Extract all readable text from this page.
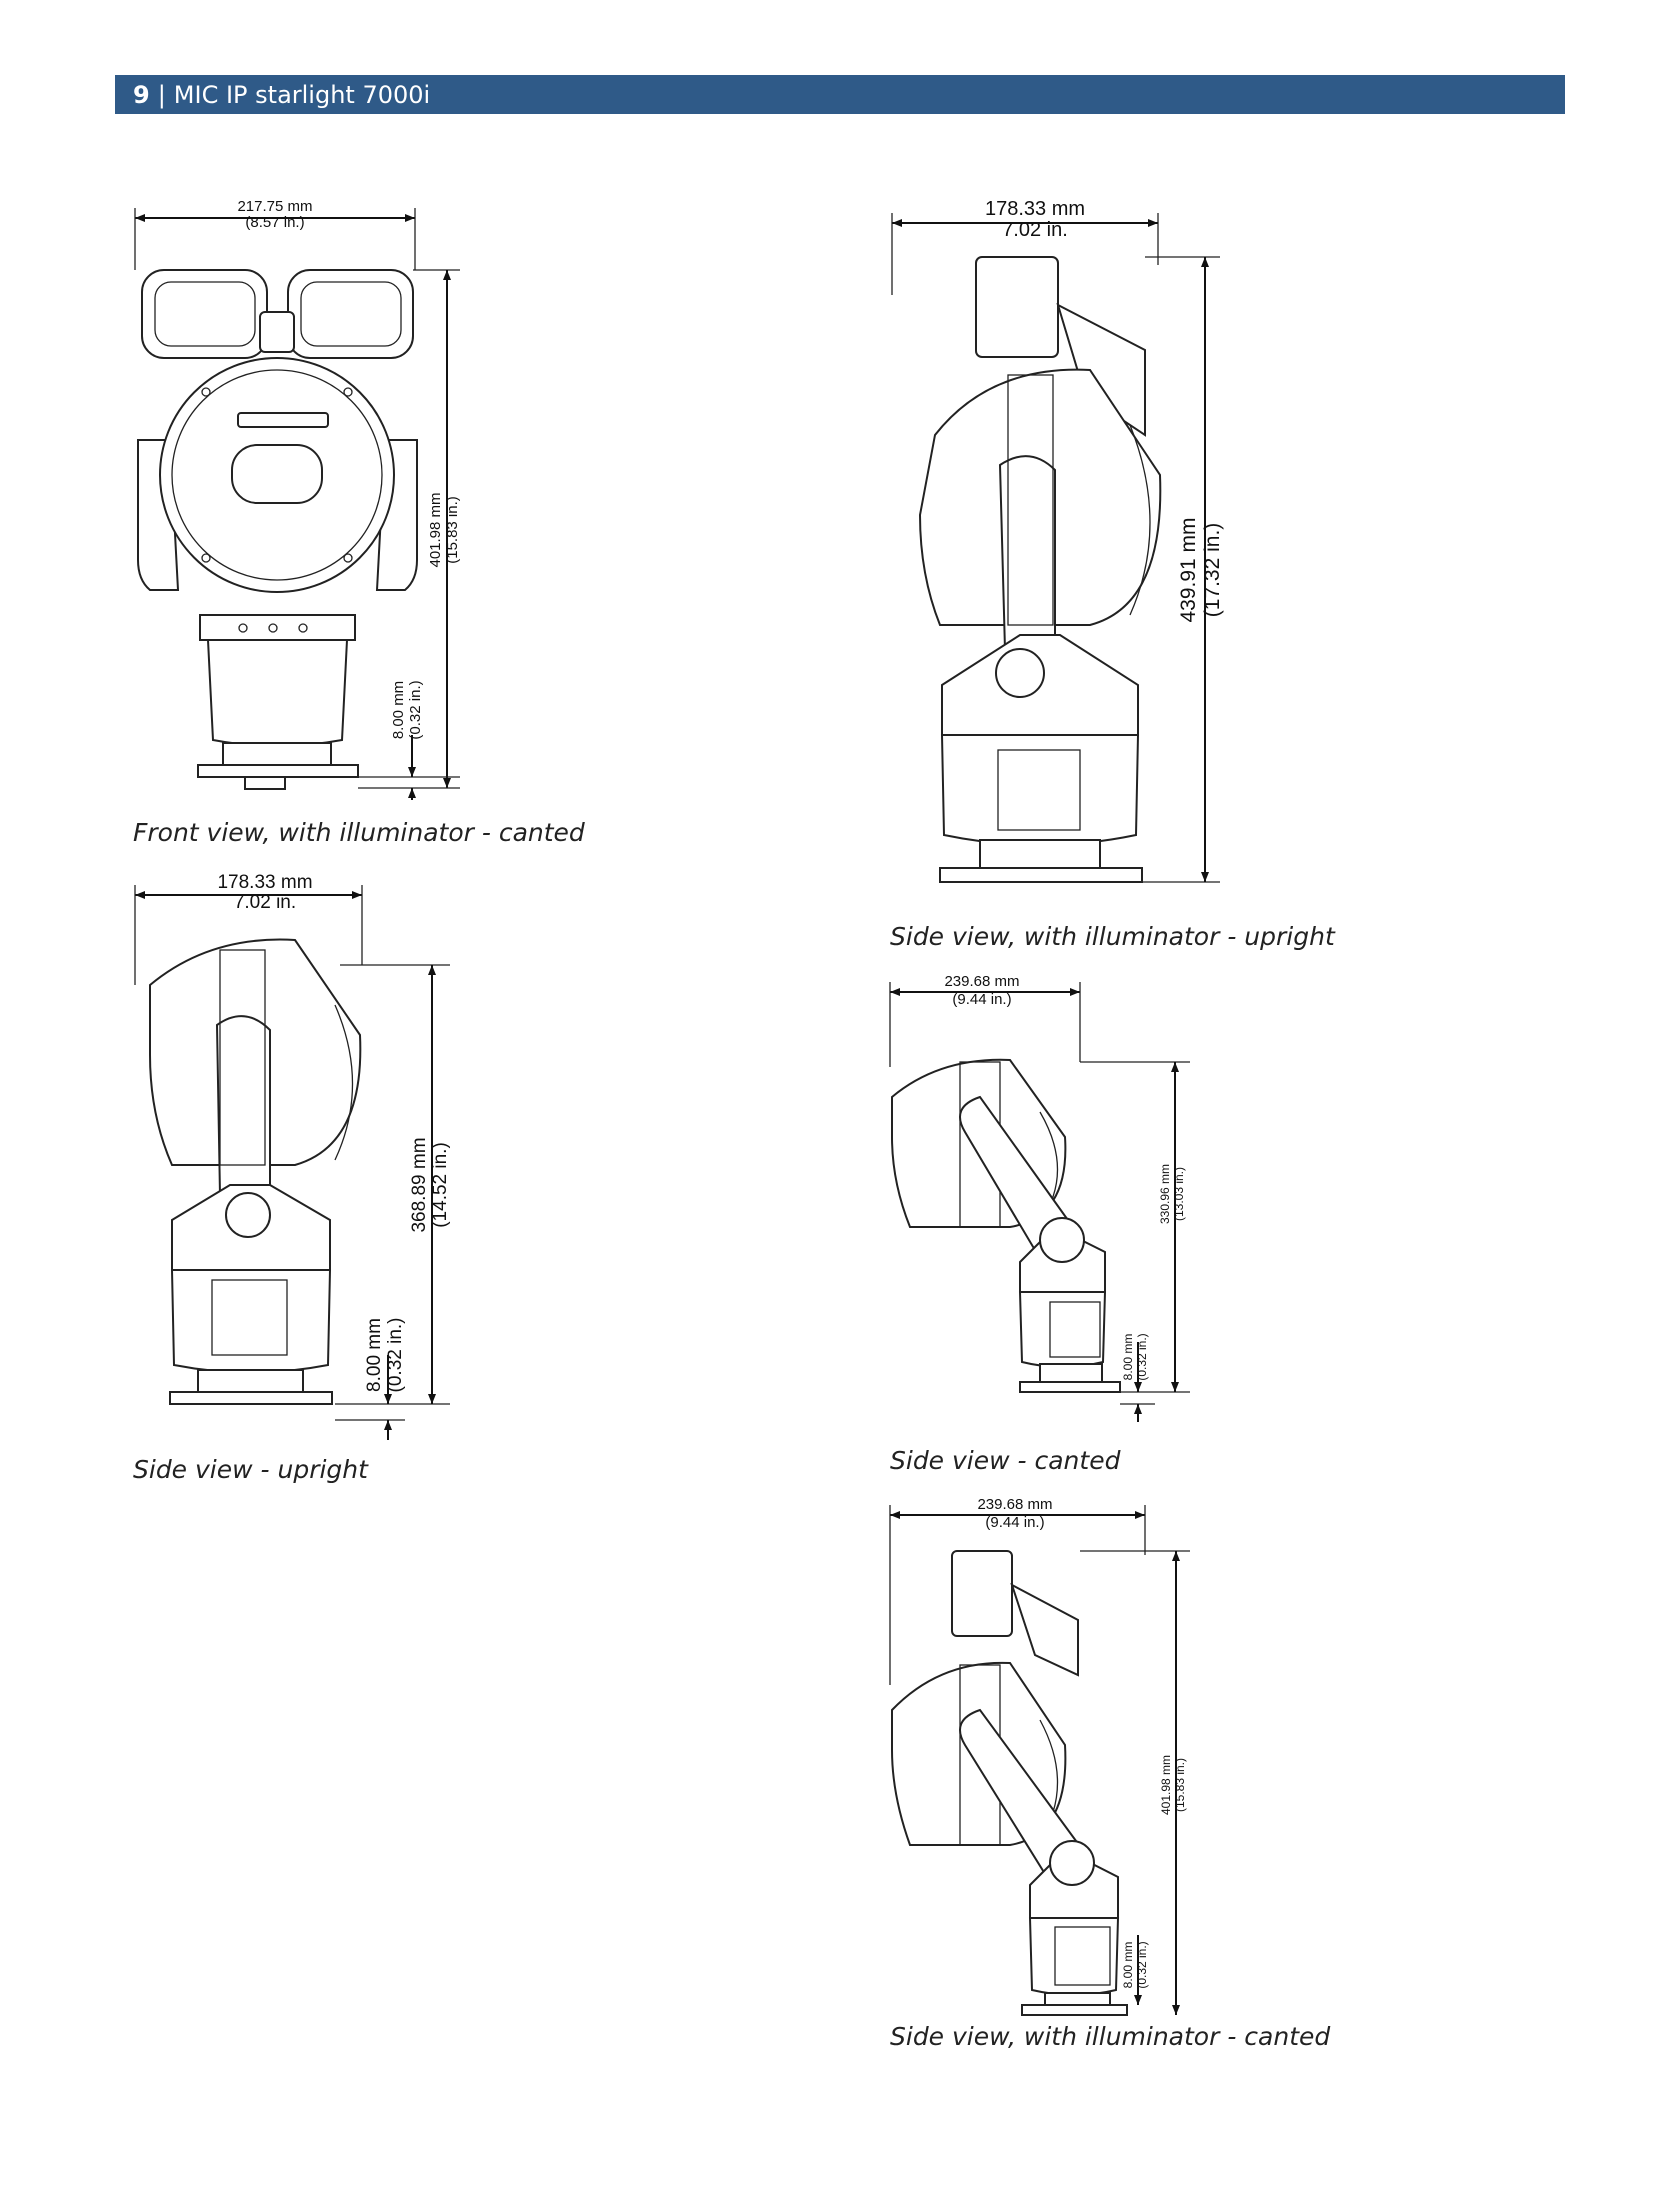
9 | MIC IP starlight 7000i
217.75 mm
(8.57 in.)
401.98 mm (15.83 in.)
8.00 mm (0.32 in.)
Front view, with illuminator - canted
178.33 mm
7.02 in.
439.91 mm (17.32 in.)
Side view, with illuminator - upright
178.33 mm
7.02 in.
368.89 mm (14.52 in.)
8.00 mm (0.32 in.)
Side view - upright
239.68 mm
(9.44 in.)
330.96 mm (13.03 in.)
8.00 mm (0.32 in.)
Side view - canted
239.68 mm
(9.44 in.)
401.98 mm (15.83 in.)
8.00 mm (0.32 in.)
Side view, with illuminator - canted
